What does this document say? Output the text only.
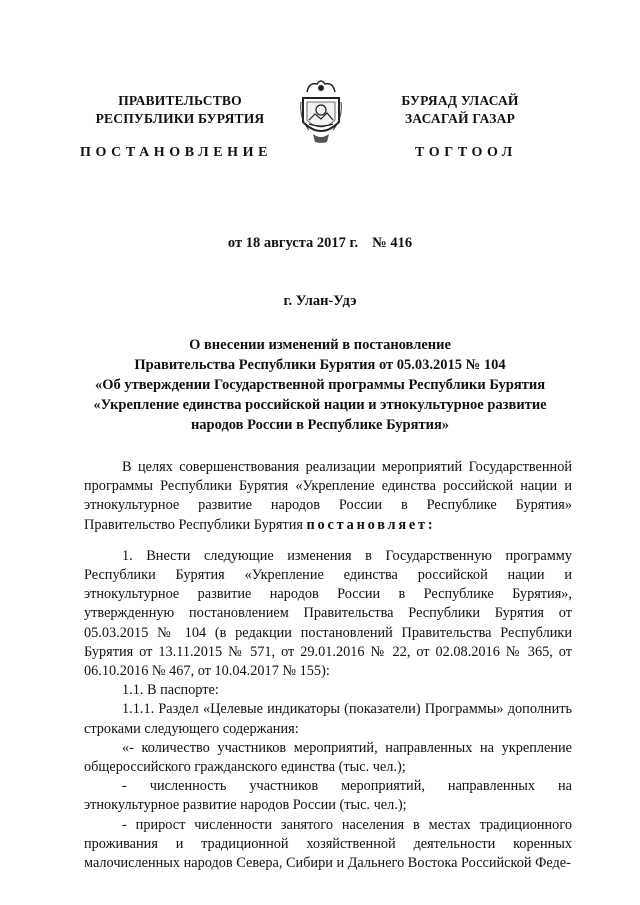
ПРАВИТЕЛЬСТВО
РЕСПУБЛИКИ БУРЯТИЯ
БУРЯАД УЛАСАЙ
ЗАСАГАЙ ГАЗАР
ПОСТАНОВЛЕНИЕ	ТОГТООЛ
от 18 августа 2017 г. № 416
г. Улан-Удэ
О внесении изменений в постановление
Правительства Республики Бурятия от 05.03.2015 № 104
«Об утверждении Государственной программы Республики Бурятия
«Укрепление единства российской нации и этнокультурное развитие
народов России в Республике Бурятия»
В целях совершенствования реализации мероприятий Государственной программы Республики Бурятия «Укрепление единства российской нации и этнокультурное развитие народов России в Республике Бурятия» Правительство Республики Бурятия постановляет:
1. Внести следующие изменения в Государственную программу Республики Бурятия «Укрепление единства российской нации и этнокультурное развитие народов России в Республике Бурятия», утвержденную постановлением Правительства Республики Бурятия от 05.03.2015 № 104 (в редакции постановлений Правительства Республики Бурятия от 13.11.2015 № 571, от 29.01.2016 № 22, от 02.08.2016 № 365, от 06.10.2016 № 467, от 10.04.2017 № 155):
1.1. В паспорте:
1.1.1. Раздел «Целевые индикаторы (показатели) Программы» дополнить строками следующего содержания:
«- количество участников мероприятий, направленных на укрепление общероссийского гражданского единства (тыс. чел.);
- численность участников мероприятий, направленных на этнокультурное развитие народов России (тыс. чел.);
- прирост численности занятого населения в местах традиционного проживания и традиционной хозяйственной деятельности коренных малочисленных народов Севера, Сибири и Дальнего Востока Российской Феде-
